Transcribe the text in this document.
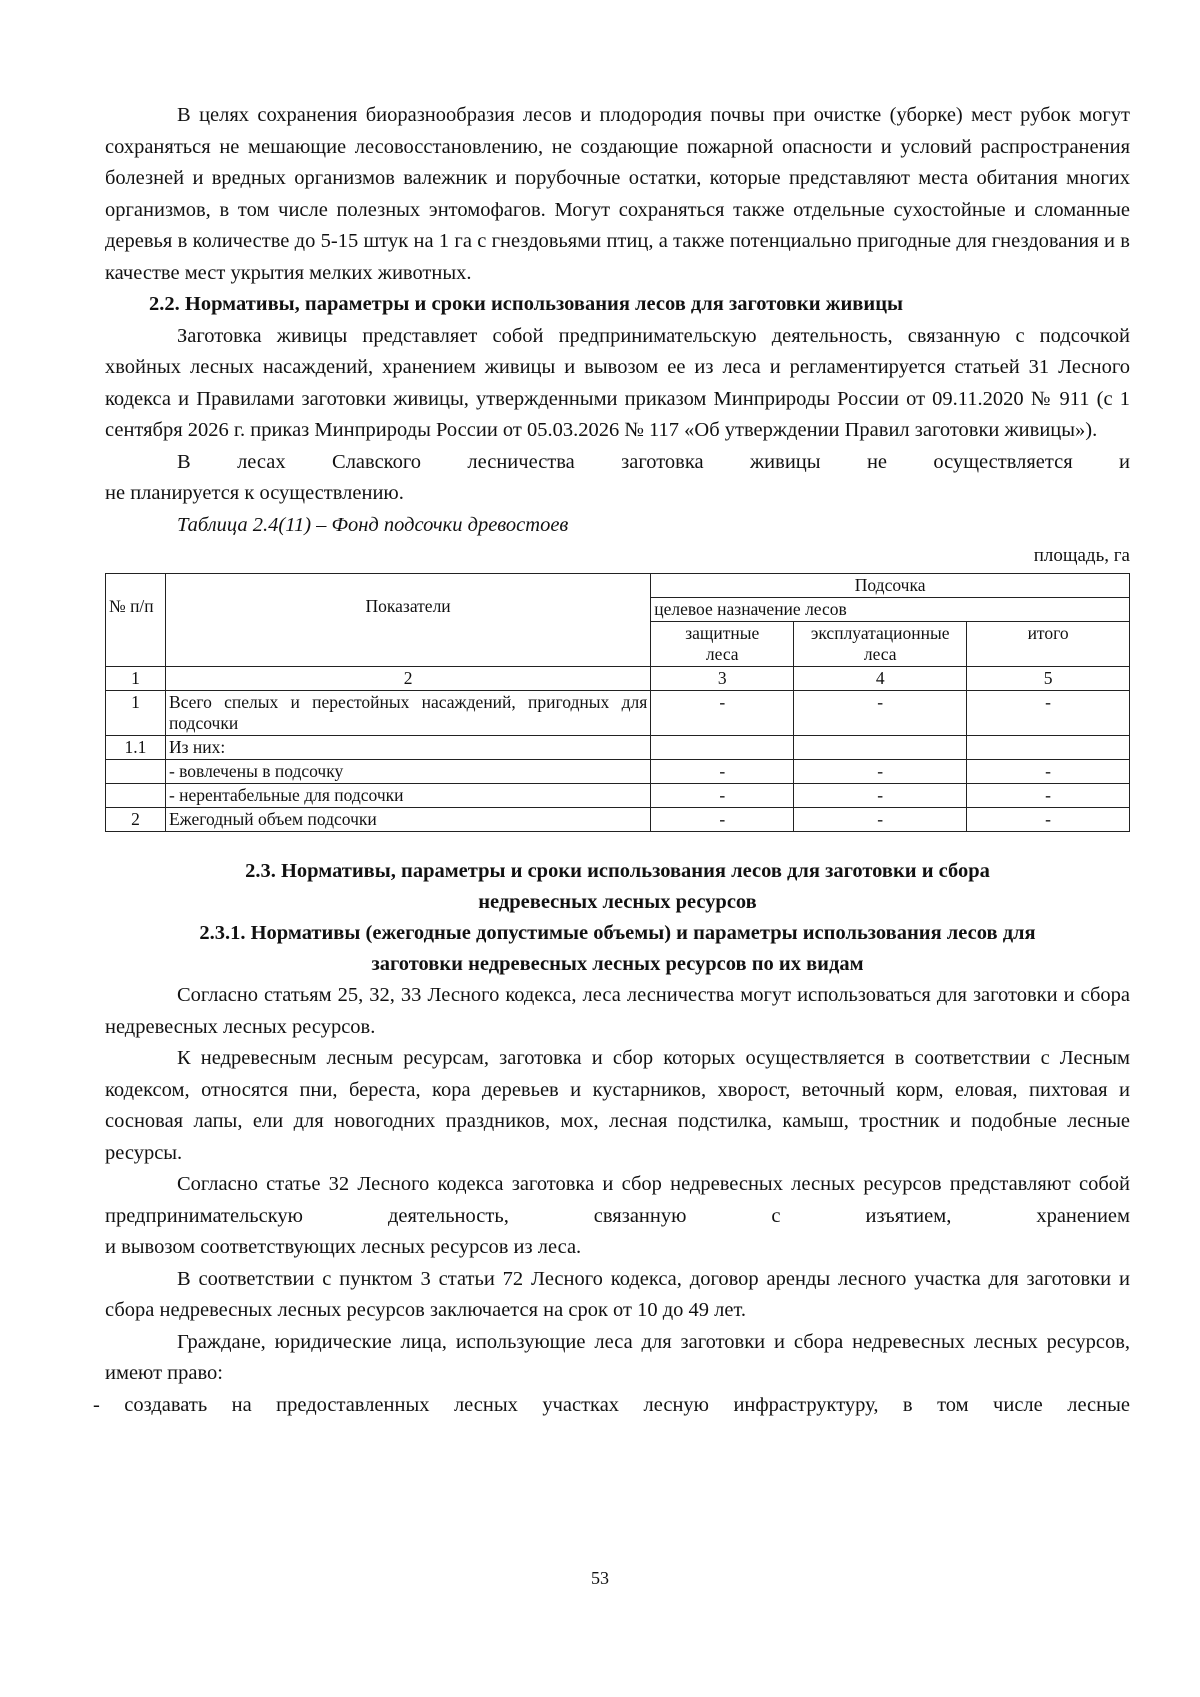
В целях сохранения биоразнообразия лесов и плодородия почвы при очистке (уборке) мест рубок могут сохраняться не мешающие лесовосстановлению, не создающие пожарной опасности и условий распространения болезней и вредных организмов валежник и порубочные остатки, которые представляют места обитания многих организмов, в том числе полезных энтомофагов. Могут сохраняться также отдельные сухостойные и сломанные деревья в количестве до 5-15 штук на 1 га с гнездовьями птиц, а также потенциально пригодные для гнездования и в качестве мест укрытия мелких животных.

2.2. Нормативы, параметры и сроки использования лесов для заготовки живицы

Заготовка живицы представляет собой предпринимательскую деятельность, связанную с подсочкой хвойных лесных насаждений, хранением живицы и вывозом ее из леса и регламентируется статьей 31 Лесного кодекса и Правилами заготовки живицы, утвержденными приказом Минприроды России от 09.11.2020 № 911 (с 1 сентября 2026 г. приказ Минприроды России от 05.03.2026 № 117 «Об утверждении Правил заготовки живицы»).

В лесах Славского лесничества заготовка живицы не осуществляется и

не планируется к осуществлению.

Таблица 2.4(11) – Фонд подсочки древостоев

площадь, га

№ п/п	Показатели	Подсочка		
		целевое назначение лесов		
		защитные леса	эксплуатационные леса	итого
1	2	3	4	5
1	Всего спелых и перестойных насаждений, пригодных для подсочки	-	-	-
1.1	Из них:			
	- вовлечены в подсочку	-	-	-
	- нерентабельные для подсочки	-	-	-
2	Ежегодный объем подсочки	-	-	-

2.3. Нормативы, параметры и сроки использования лесов для заготовки и сбора

недревесных лесных ресурсов

2.3.1. Нормативы (ежегодные допустимые объемы) и параметры использования лесов для

заготовки недревесных лесных ресурсов по их видам

Согласно статьям 25, 32, 33 Лесного кодекса, леса лесничества могут использоваться для заготовки и сбора недревесных лесных ресурсов.

К недревесным лесным ресурсам, заготовка и сбор которых осуществляется в соответствии с Лесным кодексом, относятся пни, береста, кора деревьев и кустарников, хворост, веточный корм, еловая, пихтовая и сосновая лапы, ели для новогодних праздников, мох, лесная подстилка, камыш, тростник и подобные лесные ресурсы.

Согласно статье 32 Лесного кодекса заготовка и сбор недревесных лесных ресурсов представляют собой предпринимательскую деятельность, связанную с изъятием, хранением

и вывозом соответствующих лесных ресурсов из леса.

В соответствии с пунктом 3 статьи 72 Лесного кодекса, договор аренды лесного участка для заготовки и сбора недревесных лесных ресурсов заключается на срок от 10 до 49 лет.

Граждане, юридические лица, использующие леса для заготовки и сбора недревесных лесных ресурсов, имеют право:

- создавать на предоставленных лесных участках лесную инфраструктуру, в том числе лесные

53
